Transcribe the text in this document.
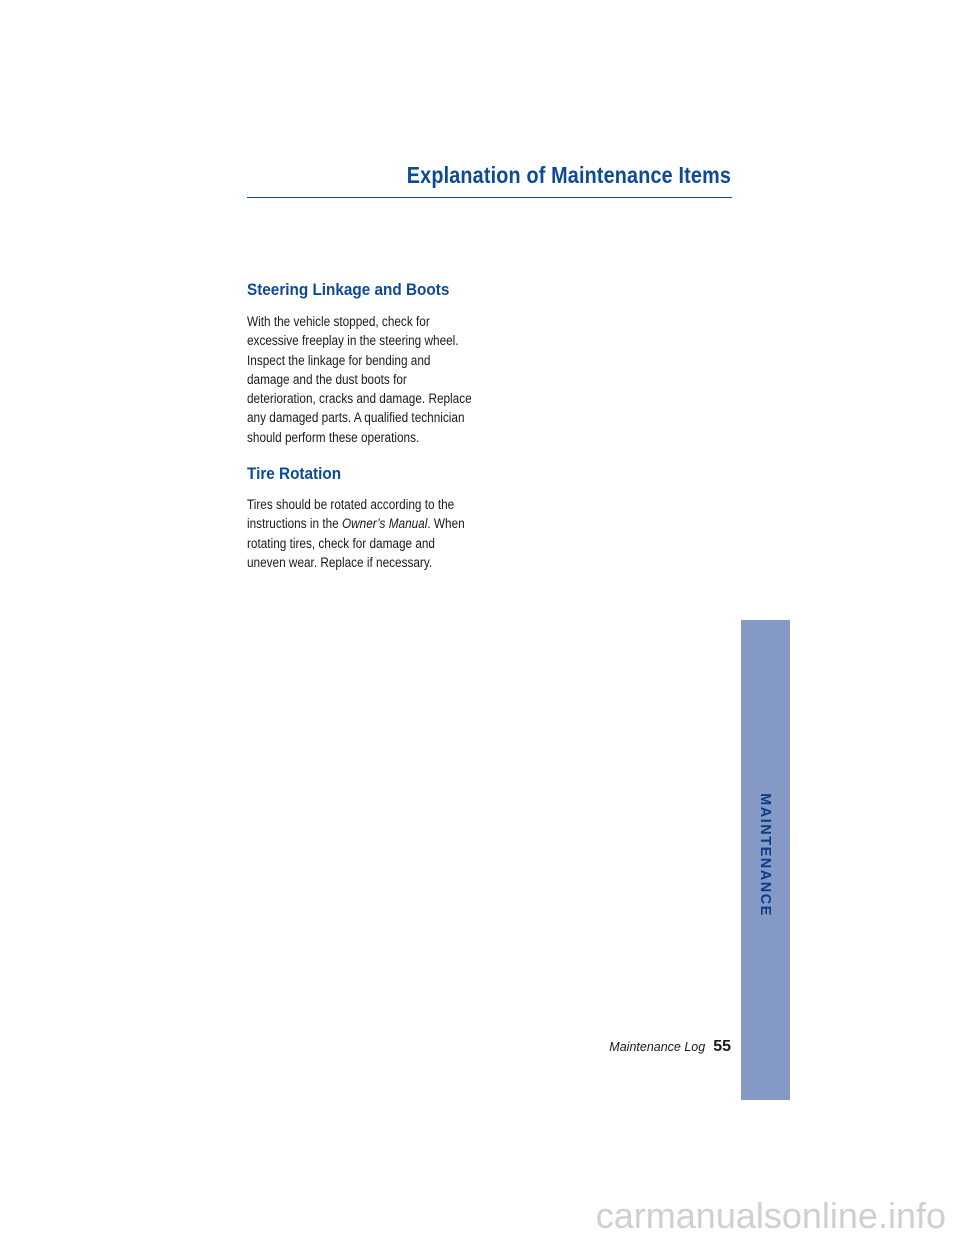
Explanation of Maintenance Items
Steering Linkage and Boots

With the vehicle stopped, check for
excessive freeplay in the steering wheel.
Inspect the linkage for bending and
damage and the dust boots for
deterioration, cracks and damage. Replace
any damaged parts. A qualified technician
should perform these operations.

Tire Rotation

Tires should be rotated according to the
instructions in the Owner’s Manual. When
rotating tires, check for damage and
uneven wear. Replace if necessary.

MAINTENANCE
Maintenance Log 55
carmanualsonline.info
